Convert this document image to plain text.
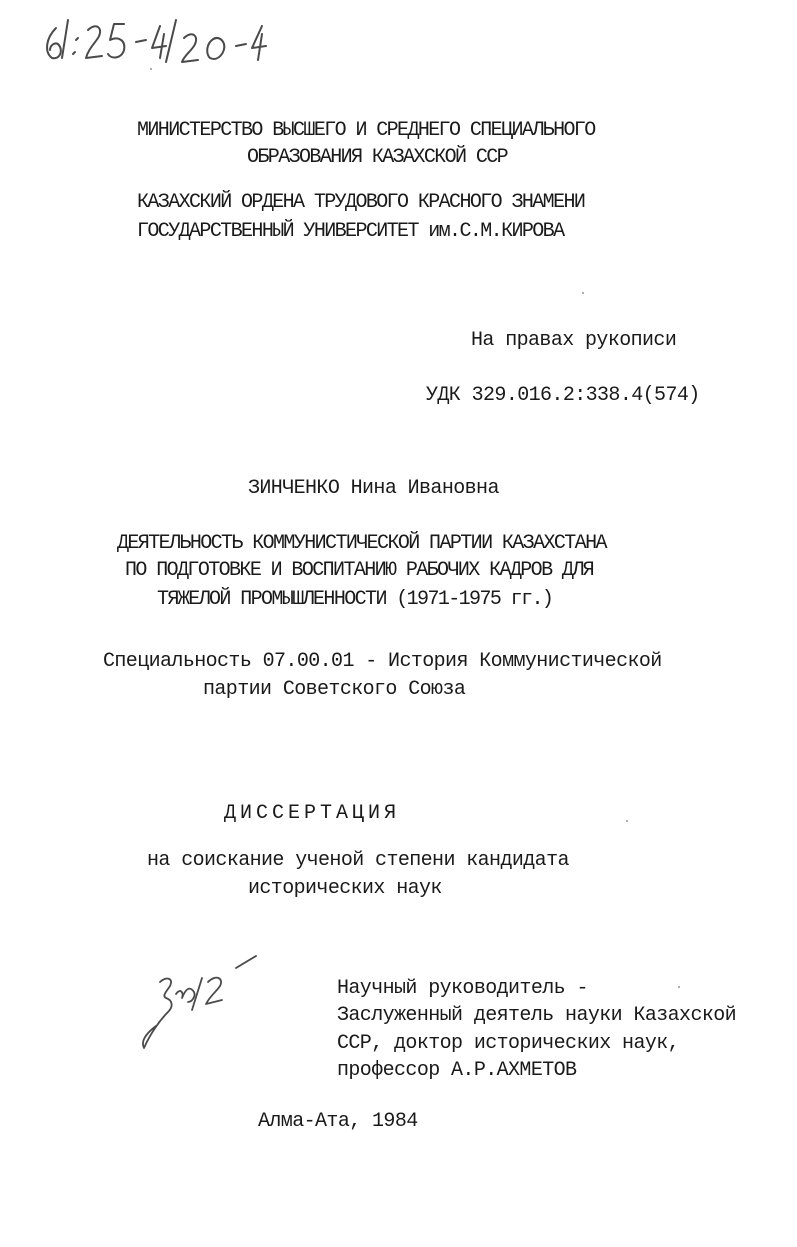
61:85-4/20-4
МИНИСТЕРСТВО ВЫСШЕГО И СРЕДНЕГО СПЕЦИАЛЬНОГО
ОБРАЗОВАНИЯ КАЗАХСКОЙ ССР
КАЗАХСКИЙ ОРДЕНА ТРУДОВОГО КРАСНОГО ЗНАМЕНИ
ГОСУДАРСТВЕННЫЙ УНИВЕРСИТЕТ им.С.М.КИРОВА
На правах рукописи
УДК 329.016.2:338.4(574)
ЗИНЧЕНКО Нина Ивановна
ДЕЯТЕЛЬНОСТЬ КОММУНИСТИЧЕСКОЙ ПАРТИИ КАЗАХСТАНА
ПО ПОДГОТОВКЕ И ВОСПИТАНИЮ РАБОЧИХ КАДРОВ ДЛЯ
ТЯЖЕЛОЙ ПРОМЫШЛЕННОСТИ (1971-1975 гг.)
Специальность 07.00.01 - История Коммунистической
партии Советского Союза
ДИССЕРТАЦИЯ
на соискание ученой степени кандидата
исторических наук
Научный руководитель -
Заслуженный деятель науки Казахской
ССР, доктор исторических наук,
профессор А.Р.АХМЕТОВ
Алма-Ата, 1984
